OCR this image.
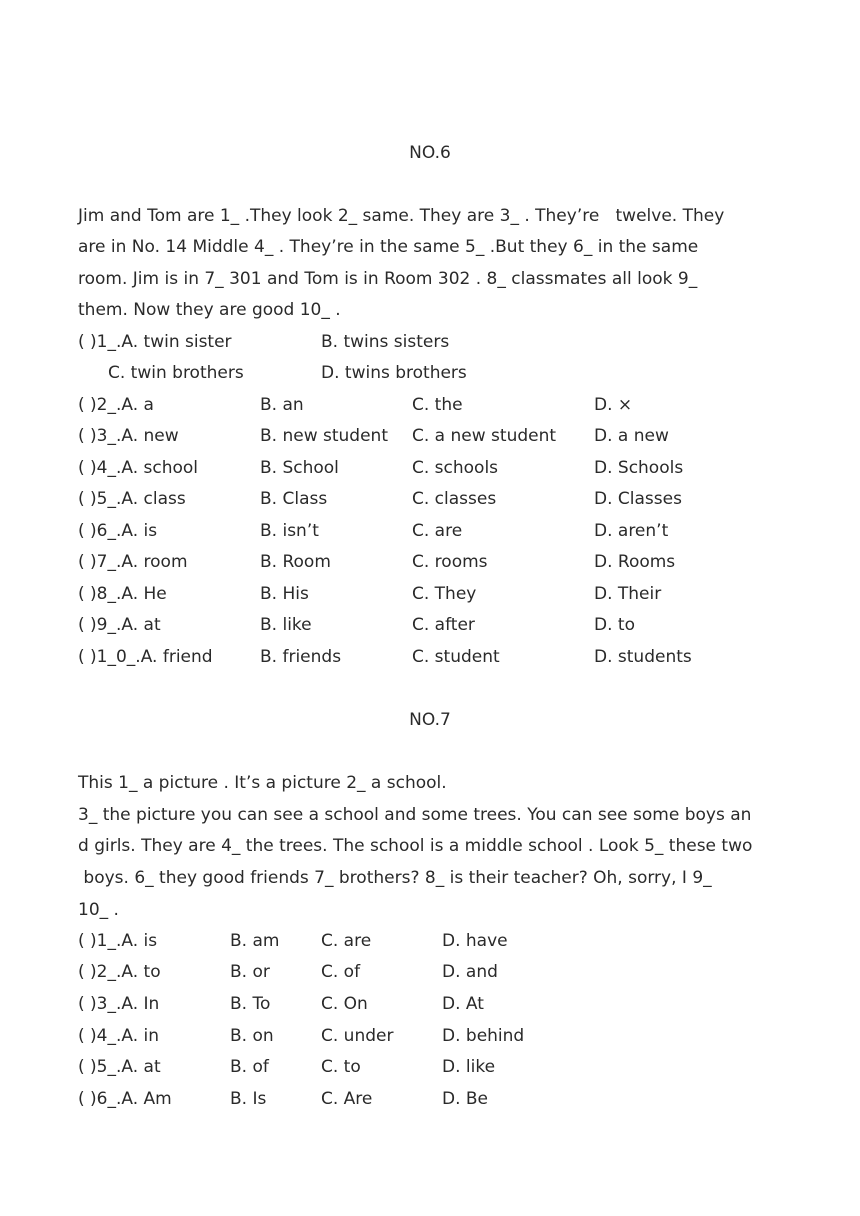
NO.6
Jim and Tom are 1_ .They look 2_ same. They are 3_ . They’re   twelve. They
are in No. 14 Middle 4_ . They’re in the same 5_ .But they 6_ in the same
room. Jim is in 7_ 301 and Tom is in Room 302 . 8_ classmates all look 9_
them. Now they are good 10_ .
( )1_.A. twin sister	B. twins sisters
C. twin brothers	D. twins brothers
( )2_.A. a	B. an	C. the	D. ×
( )3_.A. new	B. new student C. a new student D. a new
( )4_.A. school	B. School	C. schools	D. Schools
( )5_.A. class	B. Class	C. classes	D. Classes
( )6_.A. is	B. isn’t	C. are	D. aren’t
( )7_.A. room	B. Room	C. rooms	D. Rooms
( )8_.A. He	B. His	C. They	D. Their
( )9_.A. at	B. like	C. after	D. to
( )1_0_.A. friend	B. friends	C. student	D. students
NO.7
This 1_ a picture . It’s a picture 2_ a school.
3_ the picture you can see a school and some trees. You can see some boys an
d girls. They are 4_ the trees. The school is a middle school . Look 5_ these two
boys. 6_ they good friends 7_ brothers? 8_ is their teacher? Oh, sorry, I 9_
10_ .
( )1_.A. is	B. am C. are	D. have
( )2_.A. to	B. or	C. of	D. and
( )3_.A. In	B. To	C. On	D. At
( )4_.A. in	B. on	C. under	D. behind
( )5_.A. at	B. of	C. to	D. like
( )6_.A. Am	B. Is	C. Are	D. Be
